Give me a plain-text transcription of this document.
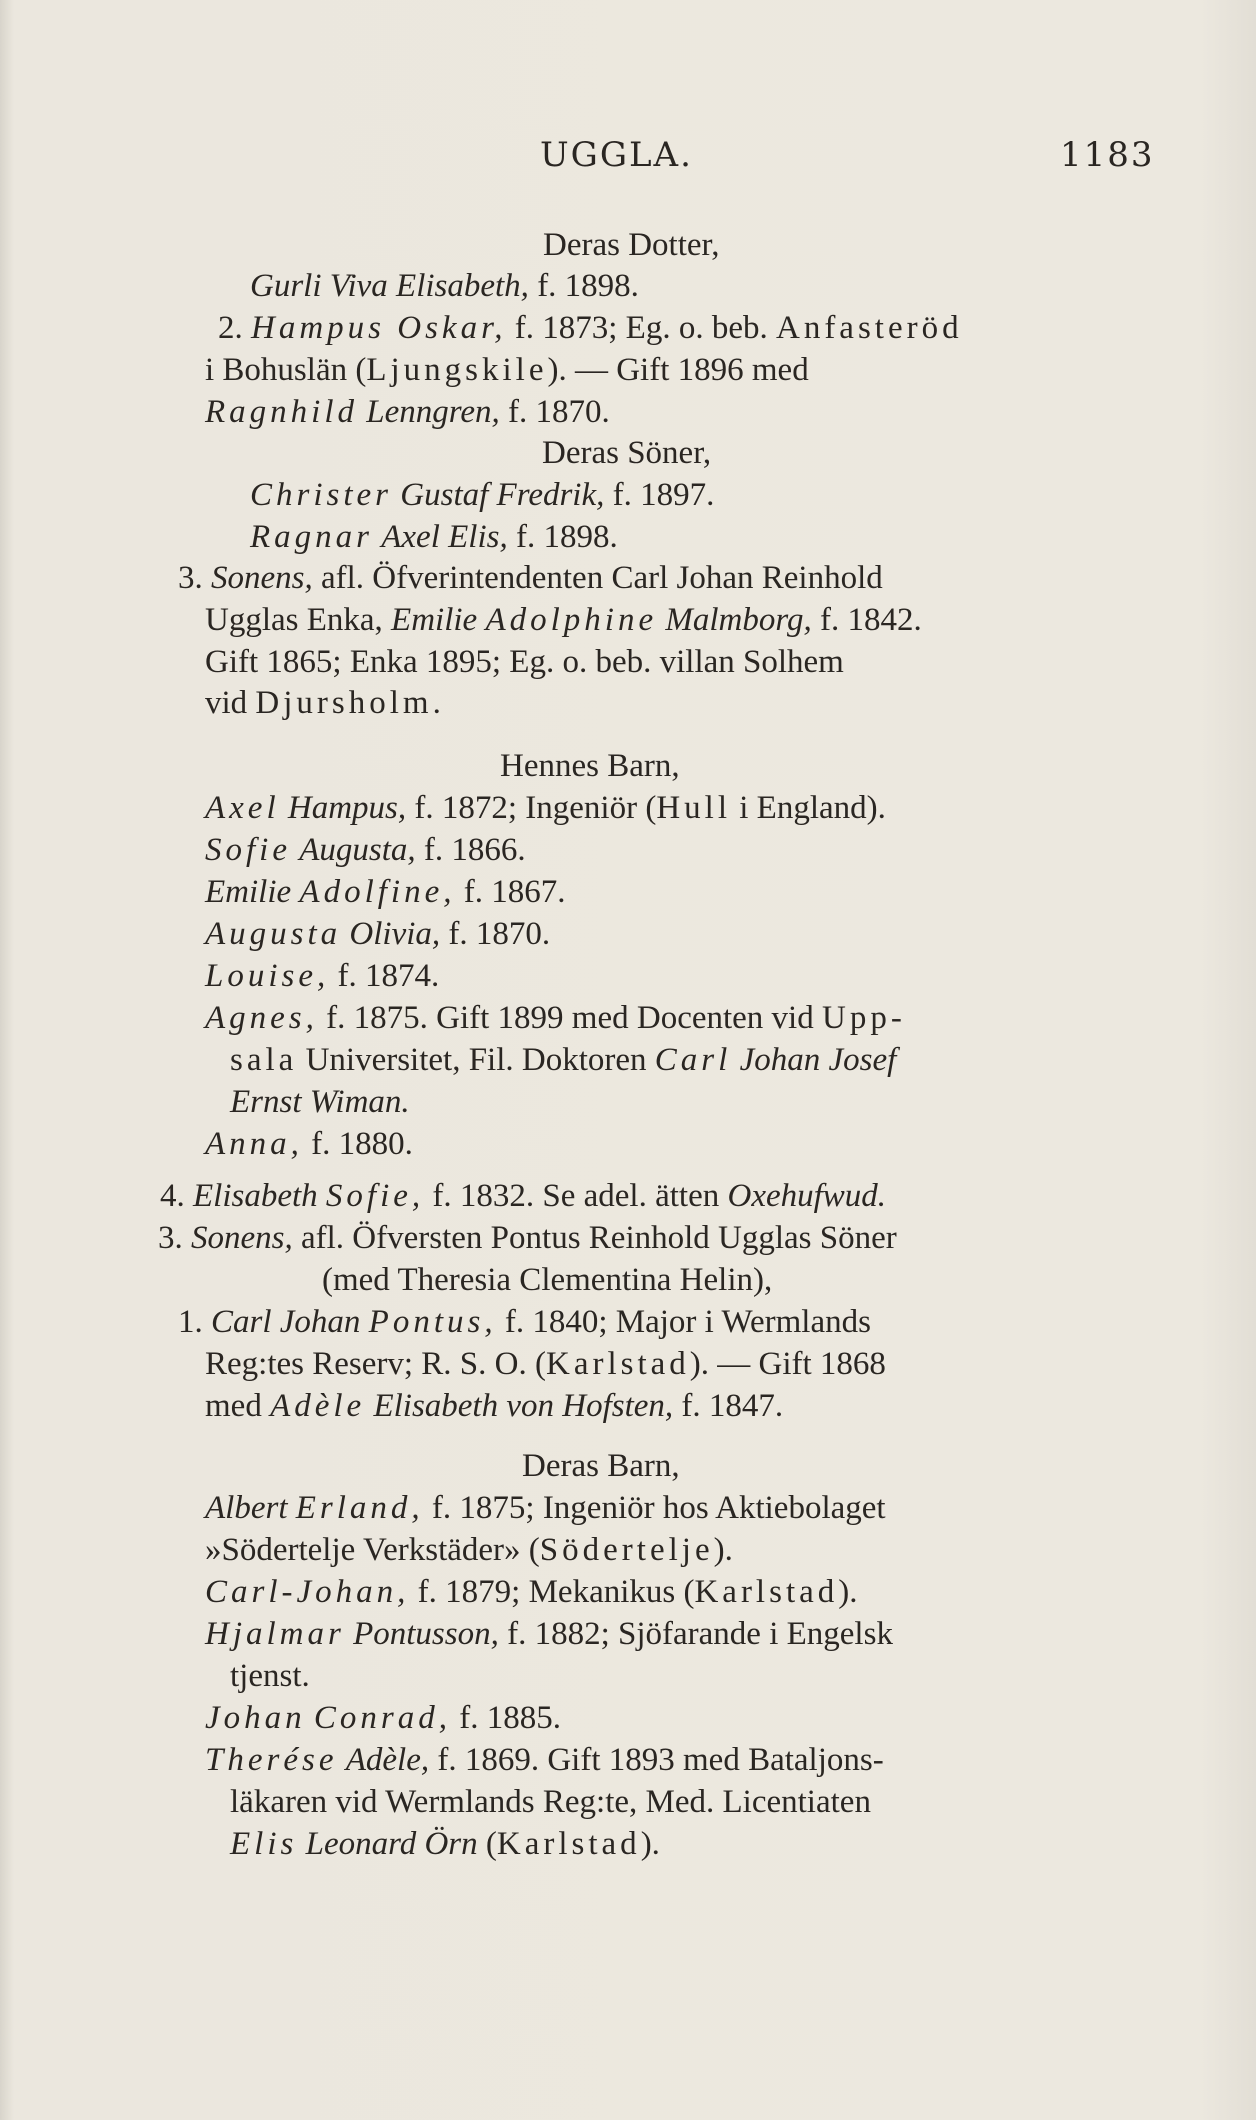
UGGLA.	1183
Deras Dotter,
Gurli Viva Elisabeth, f. 1898.
2. Hampus Oskar, f. 1873; Eg. o. beb. Anfasteröd
i Bohuslän (Ljungskile). — Gift 1896 med
Ragnhild Lenngren, f. 1870.
Deras Söner,
Christer Gustaf Fredrik, f. 1897.
Ragnar Axel Elis, f. 1898.
3. Sonens, afl. Öfverintendenten Carl Johan Reinhold
Ugglas Enka, Emilie Adolphine Malmborg, f. 1842.
Gift 1865; Enka 1895; Eg. o. beb. villan Solhem
vid Djursholm.
Hennes Barn,
Axel Hampus, f. 1872; Ingeniör (Hull i England).
Sofie Augusta, f. 1866.
Emilie Adolfine, f. 1867.
Augusta Olivia, f. 1870.
Louise, f. 1874.
Agnes, f. 1875. Gift 1899 med Docenten vid Upp-
sala Universitet, Fil. Doktoren Carl Johan Josef
Ernst Wiman.
Anna, f. 1880.
4. Elisabeth Sofie, f. 1832. Se adel. ätten Oxehufwud.
3. Sonens, afl. Öfversten Pontus Reinhold Ugglas Söner
(med Theresia Clementina Helin),
1. Carl Johan Pontus, f. 1840; Major i Wermlands
Reg:tes Reserv; R. S. O. (Karlstad). — Gift 1868
med Adèle Elisabeth von Hofsten, f. 1847.
Deras Barn,
Albert Erland, f. 1875; Ingeniör hos Aktiebolaget
»Södertelje Verkstäder» (Södertelje).
Carl-Johan, f. 1879; Mekanikus (Karlstad).
Hjalmar Pontusson, f. 1882; Sjöfarande i Engelsk
tjenst.
Johan Conrad, f. 1885.
Therése Adèle, f. 1869. Gift 1893 med Bataljons-
läkaren vid Wermlands Reg:te, Med. Licentiaten
Elis Leonard Örn (Karlstad).
